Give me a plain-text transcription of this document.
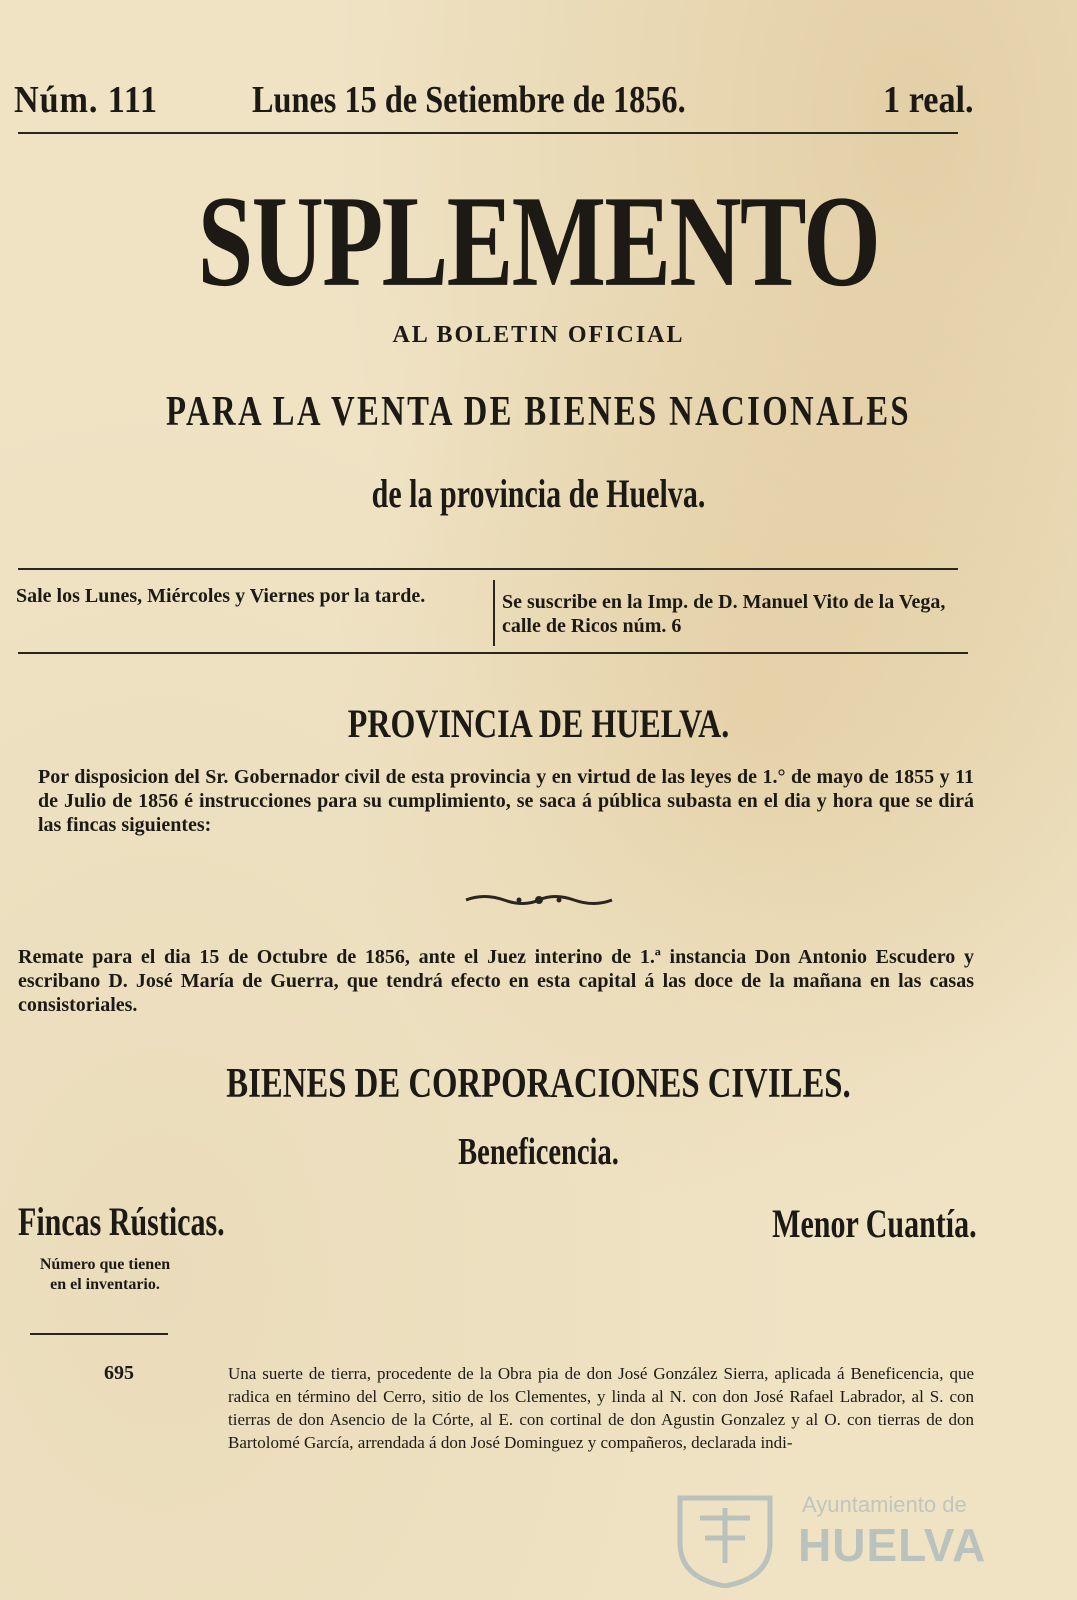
Núm. 111 Lunes 15 de Setiembre de 1856.	1 real.
SUPLEMENTO
AL BOLETIN OFICIAL
PARA LA VENTA DE BIENES NACIONALES
de la provincia de Huelva.
Sale los Lunes, Miércoles y Viernes por la tarde.	Se suscribe en la Imp. de D. Manuel Vito de la Vega, calle de Ricos núm. 6
PROVINCIA DE HUELVA.
Por disposicion del Sr. Gobernador civil de esta provincia y en virtud de las leyes de 1.° de mayo de 1855 y 11 de Julio de 1856 é instrucciones para su cumplimiento, se saca á pública subasta en el dia y hora que se dirá las fincas siguientes:
Remate para el dia 15 de Octubre de 1856, ante el Juez interino de 1.ª instancia Don Antonio Escudero y escribano D. José María de Guerra, que tendrá efecto en esta capital á las doce de la mañana en las casas consistoriales.
BIENES DE CORPORACIONES CIVILES.
Beneficencia.
Fincas Rústicas.	Menor Cuantía.
Número que tienen en el inventario.
695	Una suerte de tierra, procedente de la Obra pia de don José González Sierra, aplicada á Beneficencia, que radica en término del Cerro, sitio de los Clementes, y linda al N. con don José Rafael Labrador, al S. con tierras de don Asencio de la Córte, al E. con cortinal de don Agustin Gonzalez y al O. con tierras de don Bartolomé García, arrendada á don José Dominguez y compañeros, declarada indi-
Ayuntamiento de
HUELVA
